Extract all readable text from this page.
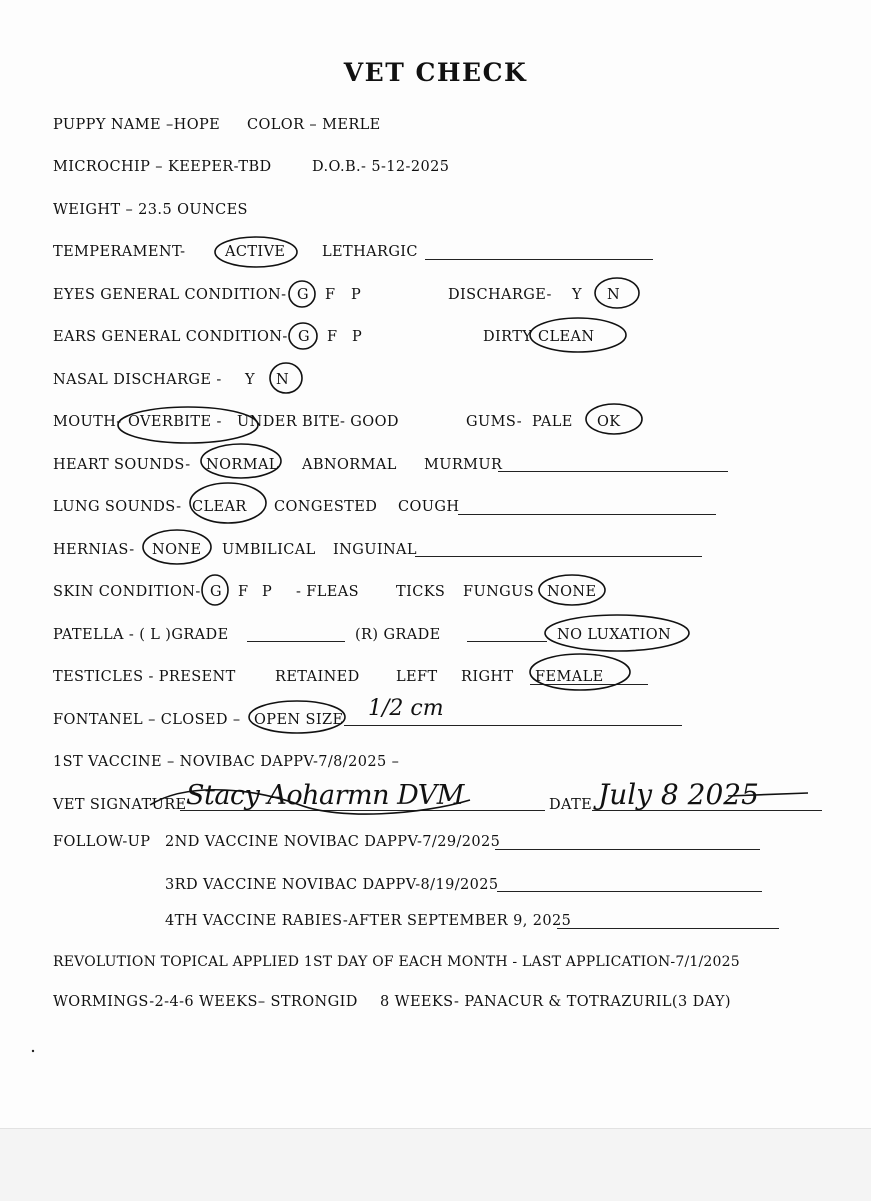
VET CHECK
PUPPY NAME –HOPE COLOR – MERLE
MICROCHIP – KEEPER-TBD	D.O.B.- 5-12-2025
WEIGHT – 23.5 OUNCES
TEMPERAMENT-	ACTIVE	LETHARGIC
EYES GENERAL CONDITION- G F P	DISCHARGE- Y N
EARS GENERAL CONDITION- G F P	DIRTY CLEAN
NASAL DISCHARGE - Y N
MOUTH- OVERBITE - UNDER BITE - GOOD	GUMS- PALE OK
HEART SOUNDS- NORMAL ABNORMAL MURMUR
LUNG SOUNDS- CLEAR CONGESTED COUGH
HERNIAS- NONE UMBILICAL INGUINAL
SKIN CONDITION- G F P - FLEAS	TICKS FUNGUS NONE
PATELLA - ( L )GRADE	(R) GRADE	NO LUXATION
TESTICLES - PRESENT	RETAINED	LEFT RIGHT FEMALE
FONTANEL – CLOSED – OPEN SIZE 1/2 cm
1ST VACCINE – NOVIBAC DAPPV-7/8/2025 –
VET SIGNATURE Stacy Aoharmn DVM	DATE July 8 2025
FOLLOW-UP 2ND VACCINE NOVIBAC DAPPV-7/29/2025
3RD VACCINE NOVIBAC DAPPV-8/19/2025
4TH VACCINE RABIES-AFTER SEPTEMBER 9, 2025
REVOLUTION TOPICAL APPLIED 1ST DAY OF EACH MONTH - LAST APPLICATION-7/1/2025
WORMINGS-2-4-6 WEEKS– STRONGID 8 WEEKS- PANACUR & TOTRAZURIL(3 DAY)
